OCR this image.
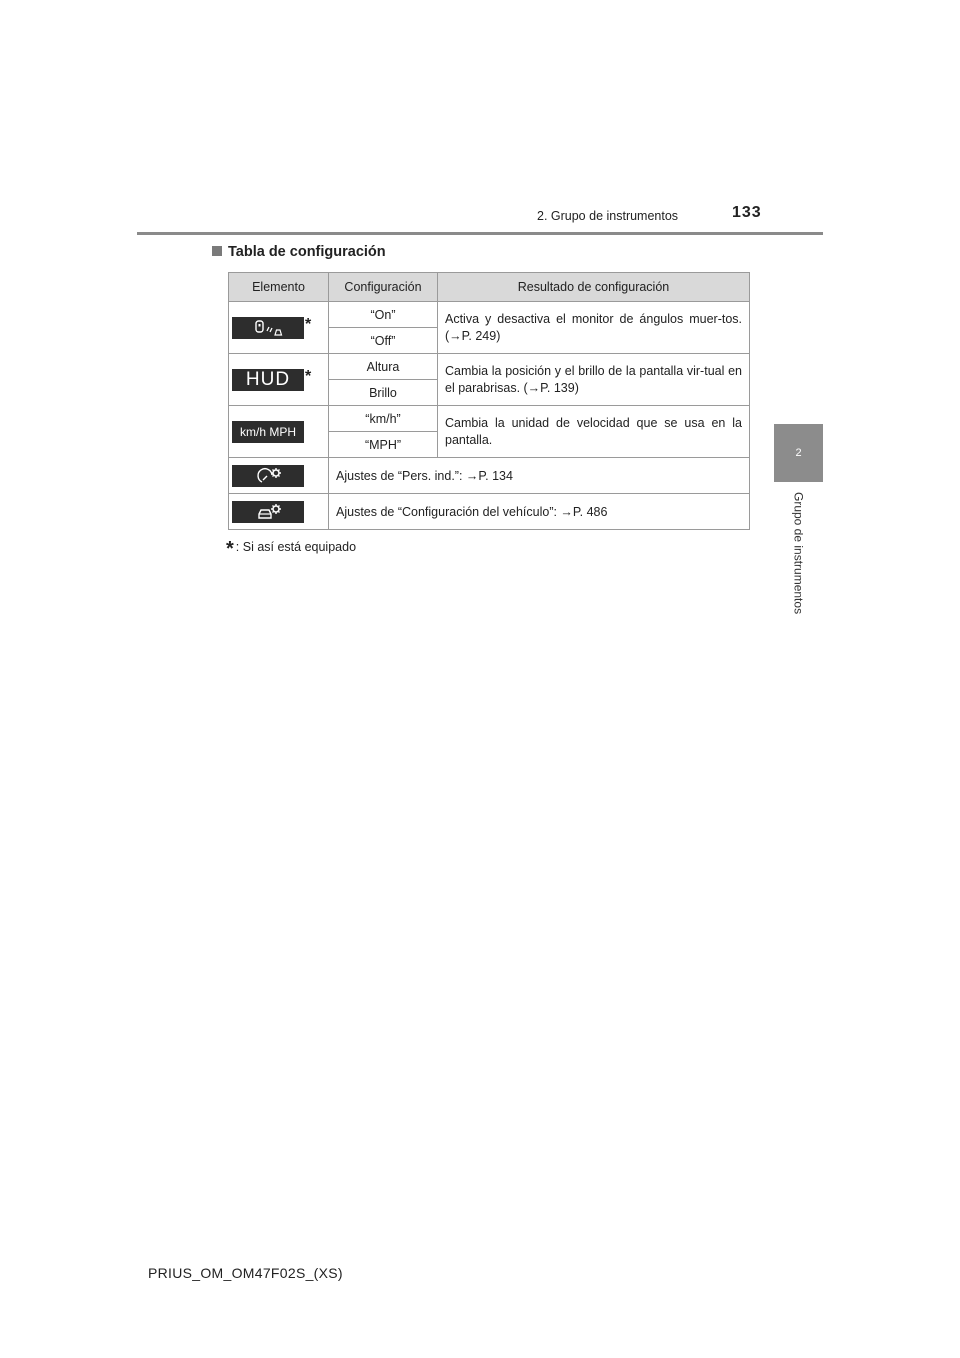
2. Grupo de instrumentos	133
2
Grupo de instrumentos
Tabla de configuración
Elemento	Configuración	Resultado de configuración

*	“On”	Activa y desactiva el monitor de ángulos muer-tos. (→P. 249)
	“Off”	

HUD *	Altura	Cambia la posición y el brillo de la pantalla vir-tual en el parabrisas. (→P. 139)
	Brillo	

km/h MPH	“km/h”	Cambia la unidad de velocidad que se usa en la pantalla.
	“MPH”	

	Ajustes de “Pers. ind.”: →P. 134	

	Ajustes de “Configuración del vehículo”: →P. 486	
* : Si así está equipado
PRIUS_OM_OM47F02S_(XS)
